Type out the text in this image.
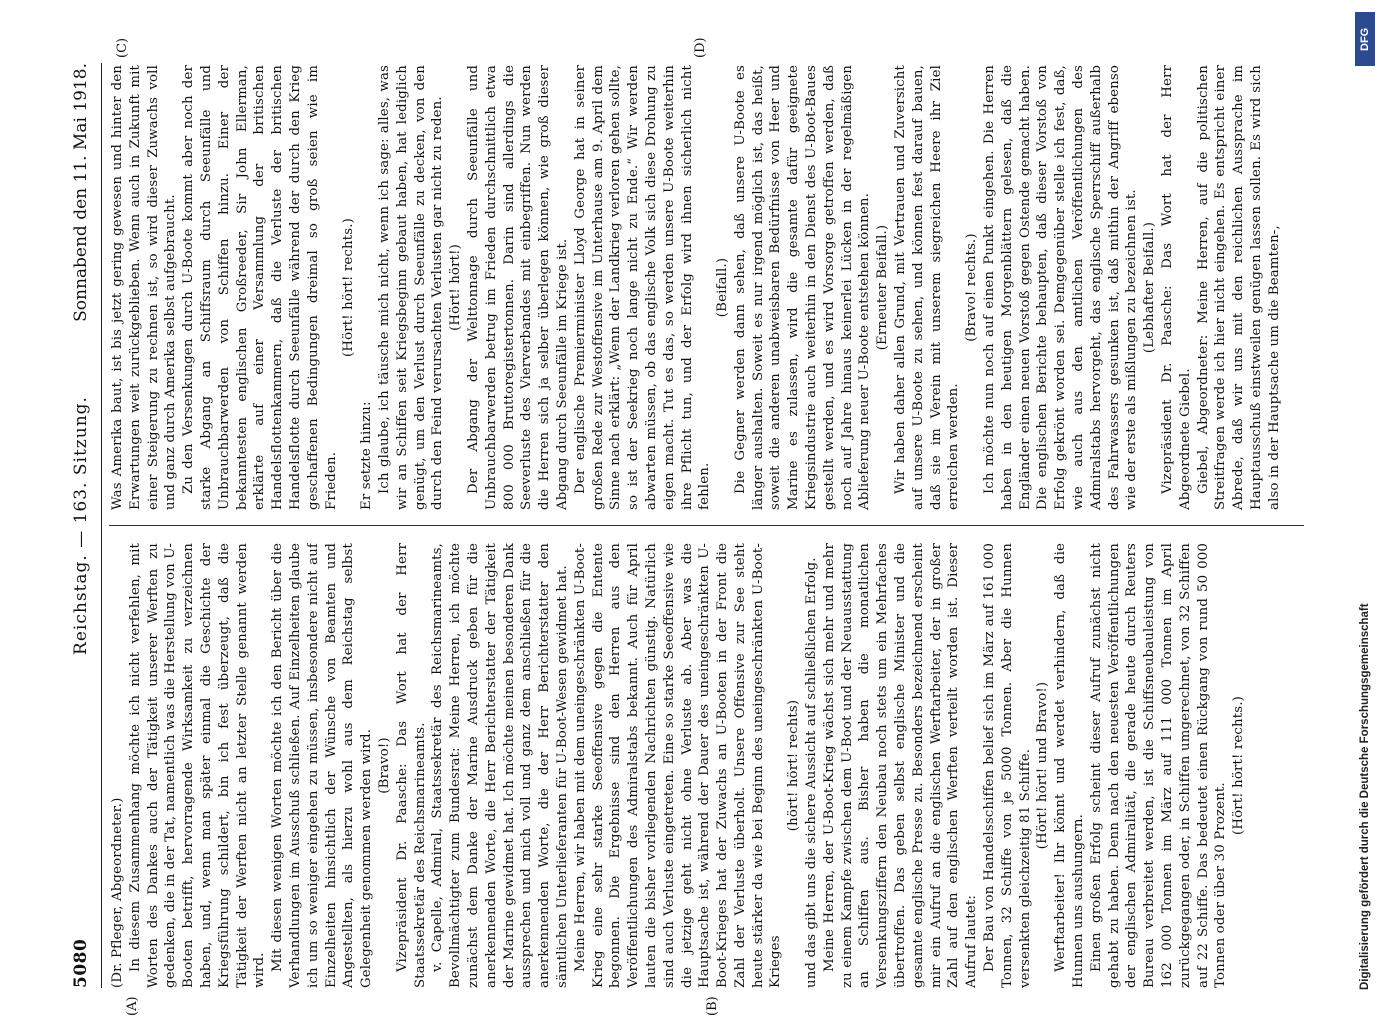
5080
Reichstag. — 163. Sitzung.
Sonnabend den 11. Mai 1918.

(Dr. Pfleger, Abgeordneter.) In diesem Zusammenhang möchte ich nicht verfehlen, mit Worten des Dankes auch der Tätigkeit unserer Werften zu gedenken, die in der Tat, namentlich was die Herstellung von U-Booten betrifft, hervorragende Wirksamkeit zu verzeichnen haben, und, wenn man später einmal die Geschichte der Kriegsführung schildert, bin ich fest überzeugt, daß die Tätigkeit der Werften nicht an letzter Stelle genannt werden wird. Mit diesen wenigen Worten möchte ich den Bericht über die Verhandlungen im Ausschuß schließen. Auf Einzelheiten glaube ich um so weniger eingehen zu müssen, insbesondere nicht auf Einzelheiten hinsichtlich der Wünsche von Beamten und Angestellten, als hierzu wohl aus dem Reichstag selbst Gelegenheit genommen werden wird. (Bravo!) Vizepräsident Dr. Paasche: Das Wort hat der Herr Staatssekretär des Reichsmarineamts. v. Capelle, Admiral, Staatssekretär des Reichsmarineamts, Bevollmächtigter zum Bundesrat: Meine Herren, ich möchte zunächst dem Danke der Marine Ausdruck geben für die anerkennenden Worte, die Herr Berichterstatter der Tätigkeit der Marine gewidmet hat. Ich möchte meinen besonderen Dank aussprechen und mich voll und ganz dem anschließen für die anerkennenden Worte, die der Herr Berichterstatter den sämtlichen Unterlieferanten für U-Boot-Wesen gewidmet hat. Meine Herren, wir haben mit dem uneingeschränkten U-Boot-Krieg eine sehr starke Seeoffensive gegen die Entente begonnen. Die Ergebnisse sind den Herren aus den Veröffentlichungen des Admiralstabs bekannt. Auch für April lauten die bisher vorliegenden Nachrichten günstig. Natürlich sind auch Verluste eingetreten. Eine so starke Seeoffensive wie die jetzige geht nicht ohne Verluste ab. Aber was die Hauptsache ist, während der Dauer des uneingeschränkten U-Boot-Krieges hat der Zuwachs an U-Booten in der Front die Zahl der Verluste überholt. Unsere Offensive zur See steht heute stärker da wie bei Beginn des uneingeschränkten U-Boot-Krieges

(hört! hört! rechts) und das gibt uns die sichere Aussicht auf schließlichen Erfolg. Meine Herren, der U-Boot-Krieg wächst sich mehr und mehr zu einem Kampfe zwischen dem U-Boot und der Neuausstattung an Schiffen aus. Bisher haben die monatlichen Versenkungsziffern den Neubau noch stets um ein Mehrfaches übertroffen. Das geben selbst englische Minister und die gesamte englische Presse zu. Besonders bezeichnend erscheint mir ein Aufruf an die englischen Werftarbeiter, der in großer Zahl auf den englischen Werften verteilt worden ist. Dieser Aufruf lautet: Der Bau von Handelsschiffen belief sich im März auf 161 000 Tonnen, 32 Schiffe von je 5000 Tonnen. Aber die Hunnen versenkten gleichzeitig 81 Schiffe. (Hört! hört! und Bravo!) Werftarbeiter! Ihr könnt und werdet verhindern, daß die Hunnen uns aushungern. Einen großen Erfolg scheint dieser Aufruf zunächst nicht gehabt zu haben. Denn nach den neuesten Veröffentlichungen der englischen Admiralität, die gerade heute durch Reuters Bureau verbreitet werden, ist die Schiffsneubauleistung von 162 000 Tonnen im März auf 111 000 Tonnen im April zurückgegangen oder, in Schiffen umgerechnet, von 32 Schiffen auf 22 Schiffe. Das bedeutet einen Rückgang von rund 50 000 Tonnen oder über 30 Prozent.

(Hört! hört! rechts.)

Was Amerika baut, ist bis jetzt gering gewesen und hinter den Erwartungen weit zurückgeblieben. Wenn auch in Zukunft mit einer Steigerung zu rechnen ist, so wird dieser Zuwachs voll und ganz durch Amerika selbst aufgebraucht. Zu den Versenkungen durch U-Boote kommt aber noch der starke Abgang an Schiffsraum durch Seeunfälle und Unbrauchbarwerden von Schiffen hinzu. Einer der bekanntesten englischen Großreeder, Sir John Ellerman, erklärte auf einer Versammlung der britischen Handelsflottenkammern, daß die Verluste der britischen Handelsflotte durch Seeunfälle während der durch den Krieg geschaffenen Bedingungen dreimal so groß seien wie im Frieden.

(Hört! hört! rechts.)

Er setzte hinzu: Ich glaube, ich täusche mich nicht, wenn ich sage: alles, was wir an Schiffen seit Kriegsbeginn gebaut haben, hat lediglich genügt, um den Verlust durch Seeunfälle zu decken, von den durch den Feind verursachten Verlusten gar nicht zu reden. (Hört! hört!) Der Abgang der Welttonnage durch Seeunfälle und Unbrauchbarwerden betrug im Frieden durchschnittlich etwa 800 000 Bruttoregistertonnen. Darin sind allerdings die Seeverluste des Vierverbandes mit einbegriffen. Nun werden die Herren sich ja selber überlegen können, wie groß dieser Abgang durch Seeunfälle im Kriege ist. Der englische Premierminister Lloyd George hat in seiner großen Rede zur Westoffensive im Unterhause am 9. April dem Sinne nach erklärt: „Wenn der Landkrieg verloren gehen sollte, so ist der Seekrieg noch lange nicht zu Ende.“ Wir werden abwarten müssen, ob das englische Volk sich diese Drohung zu eigen macht. Tut es das, so werden unsere U-Boote weiterhin ihre Pflicht tun, und der Erfolg wird ihnen sicherlich nicht fehlen.

(Beifall.) Die Gegner werden dann sehen, daß unsere U-Boote es länger aushalten. Soweit es nur irgend möglich ist, das heißt, soweit die anderen unabweisbaren Bedürfnisse von Heer und Marine es zulassen, wird die gesamte dafür geeignete Kriegsindustrie auch weiterhin in den Dienst des U-Boot-Baues gestellt werden, und es wird Vorsorge getroffen werden, daß noch auf Jahre hinaus keinerlei Lücken in der regelmäßigen Ablieferung neuer U-Boote entstehen können. (Erneuter Beifall.) Wir haben daher allen Grund, mit Vertrauen und Zuversicht auf unsere U-Boote zu sehen, und können fest darauf bauen, daß sie im Verein mit unserem siegreichen Heere ihr Ziel erreichen werden.

(Bravo! rechts.) Ich möchte nun noch auf einen Punkt eingehen. Die Herren haben in den heutigen Morgenblättern gelesen, daß die Engländer einen neuen Vorstoß gegen Ostende gemacht haben. Die englischen Berichte behaupten, daß dieser Vorstoß von Erfolg gekrönt worden sei. Demgegenüber stelle ich fest, daß, wie auch aus den amtlichen Veröffentlichungen des Admiralstabs hervorgeht, das englische Sperrschiff außerhalb des Fahrwassers gesunken ist, daß mithin der Angriff ebenso wie der erste als mißlungen zu bezeichnen ist. (Lebhafter Beifall.) Vizepräsident Dr. Paasche: Das Wort hat der Herr Abgeordnete Giebel. Giebel, Abgeordneter: Meine Herren, auf die politischen Streitfragen werde ich hier nicht eingehen. Es entspricht einer Abrede, daß wir uns mit den reichlichen Aussprache im Hauptausschuß einstweilen genügen lassen sollen. Es wird sich also in der Hauptsache um die Beamten-,

(A)	(B)
(C)	(D)	DFG
Digitalisierung gefördert durch die Deutsche Forschungsgemeinschaft
